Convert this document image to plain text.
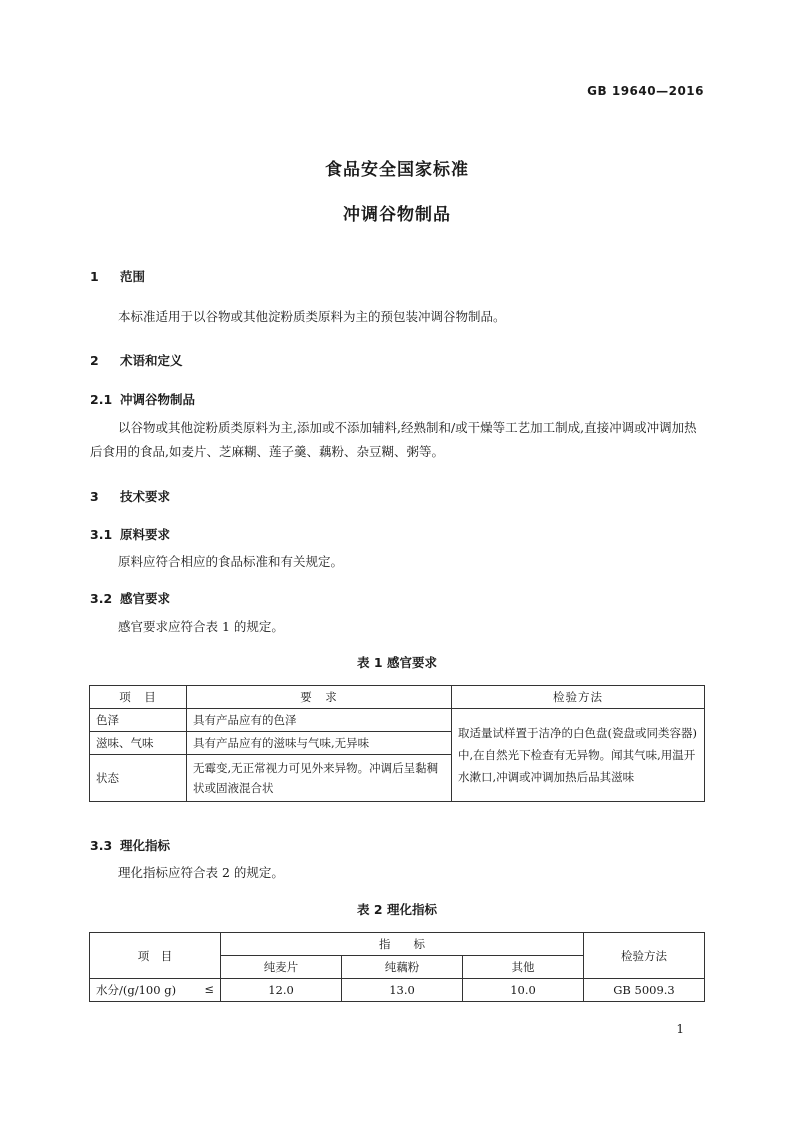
GB 19640—2016
食品安全国家标准
冲调谷物制品
1 范围
本标准适用于以谷物或其他淀粉质类原料为主的预包装冲调谷物制品。
2 术语和定义
2.1 冲调谷物制品
以谷物或其他淀粉质类原料为主,添加或不添加辅料,经熟制和/或干燥等工艺加工制成,直接冲调或冲调加热后食用的食品,如麦片、芝麻糊、莲子羹、藕粉、杂豆糊、粥等。
3 技术要求
3.1 原料要求
原料应符合相应的食品标准和有关规定。
3.2 感官要求
感官要求应符合表 1 的规定。
表 1 感官要求
项　目	要　求	检验方法
色泽	具有产品应有的色泽	取适量试样置于洁净的白色盘(瓷盘或同类容器)中,在自然光下检查有无异物。闻其气味,用温开水漱口,冲调或冲调加热后品其滋味
滋味、气味	具有产品应有的滋味与气味,无异味	
状态	无霉变,无正常视力可见外来异物。冲调后呈黏稠状或固液混合状	
3.3 理化指标
理化指标应符合表 2 的规定。
表 2 理化指标
项　目	指　　标			检验方法
	纯麦片	纯藕粉	其他	
水分/(g/100 g) ≤	12.0	13.0	10.0	GB 5009.3
1
